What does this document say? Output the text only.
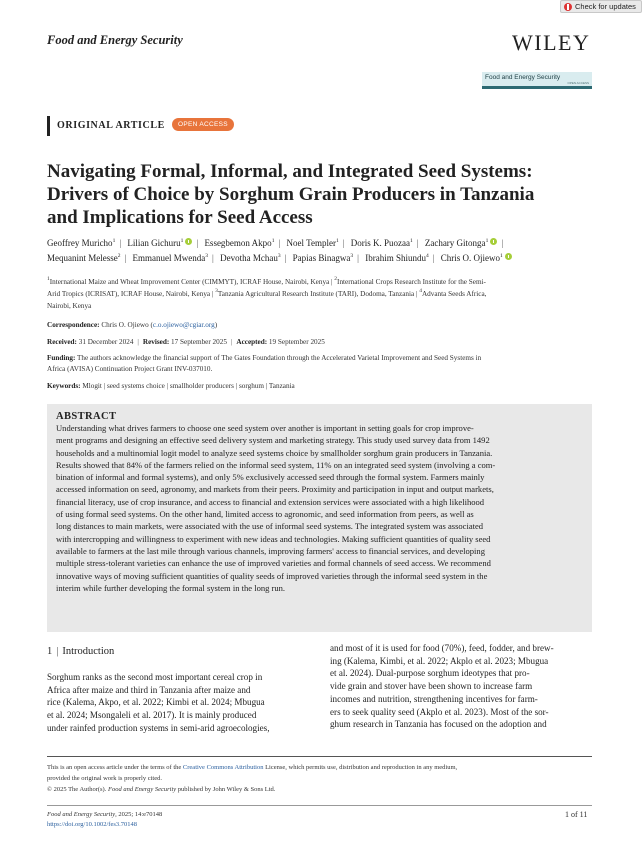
Check for updates
Food and Energy Security	WILEY
Food and Energy Security
OPEN ACCESS
ORIGINAL ARTICLE	OPEN ACCESS
Navigating Formal, Informal, and Integrated Seed Systems:
Drivers of Choice by Sorghum Grain Producers in Tanzania
and Implications for Seed Access
Geoffrey Muricho$^1$ | Lilian Gichuru$^1$ | Essegbemon Akpo$^1$ | Noel Templer$^1$ | Doris K. Puozaa$^1$ | Zachary Gitonga$^1$ |
Mequanint Melesse$^2$ | Emmanuel Mwenda$^3$ | Devotha Mchau$^3$ | Papias Binagwa$^3$ | Ibrahim Shiundu$^4$ | Chris O. Ojiewo$^1$
$^1$International Maize and Wheat Improvement Center (CIMMYT), ICRAF House, Nairobi, Kenya | $^2$International Crops Research Institute for the Semi-
Arid Tropics (ICRISAT), ICRAF House, Nairobi, Kenya | $^3$Tanzania Agricultural Research Institute (TARI), Dodoma, Tanzania | $^4$Advanta Seeds Africa,
Nairobi, Kenya
Correspondence: Chris O. Ojiewo (c.o.ojiewo@cgiar.org)
Received: 31 December 2024 | Revised: 17 September 2025 | Accepted: 19 September 2025
Funding: The authors acknowledge the financial support of The Gates Foundation through the Accelerated Varietal Improvement and Seed Systems in
Africa (AVISA) Continuation Project Grant INV-037010.
Keywords: Mlogit | seed systems choice | smallholder producers | sorghum | Tanzania
ABSTRACT
Understanding what drives farmers to choose one seed system over another is important in setting goals for crop improve-
ment programs and designing an effective seed delivery system and marketing strategy. This study used survey data from 1492
households and a multinomial logit model to analyze seed systems choice by smallholder sorghum grain producers in Tanzania.
Results showed that 84% of the farmers relied on the informal seed system, 11% on an integrated seed system (involving a com-
bination of informal and formal systems), and only 5% exclusively accessed seed through the formal system. Farmers mainly
accessed information on seed, agronomy, and markets from their peers. Proximity and participation in input and output markets,
financial literacy, use of crop insurance, and access to financial and extension services were associated with a high likelihood
of using formal seed systems. On the other hand, limited access to agronomic, and seed information from peers, as well as
long distances to main markets, were associated with the use of informal seed systems. The integrated system was associated
with intercropping and willingness to experiment with new ideas and technologies. Making sufficient quantities of quality seed
available to farmers at the last mile through various channels, improving farmers' access to financial services, and developing
multiple stress-tolerant varieties can enhance the use of improved varieties and formal channels of seed access. We recommend
innovative ways of moving sufficient quantities of quality seeds of improved varieties through the informal seed system in the
interim while further developing the formal system in the long run.
1 | Introduction
Sorghum ranks as the second most important cereal crop in
Africa after maize and third in Tanzania after maize and
rice (Kalema, Akpo, et al. 2022; Kimbi et al. 2024; Mbugua
et al. 2024; Msongaleli et al. 2017). It is mainly produced
under rainfed production systems in semi-arid agroecologies,
and most of it is used for food (70%), feed, fodder, and brew-
ing (Kalema, Kimbi, et al. 2022; Akplo et al. 2023; Mbugua
et al. 2024). Dual-purpose sorghum ideotypes that pro-
vide grain and stover have been shown to increase farm
incomes and nutrition, strengthening incentives for farm-
ers to seek quality seed (Akplo et al. 2023). Most of the sor-
ghum research in Tanzania has focused on the adoption and
This is an open access article under the terms of the Creative Commons Attribution License, which permits use, distribution and reproduction in any medium,
provided the original work is properly cited.
© 2025 The Author(s). Food and Energy Security published by John Wiley & Sons Ltd.
Food and Energy Security, 2025; 14:e70148
https://doi.org/10.1002/fes3.70148
1 of 11
